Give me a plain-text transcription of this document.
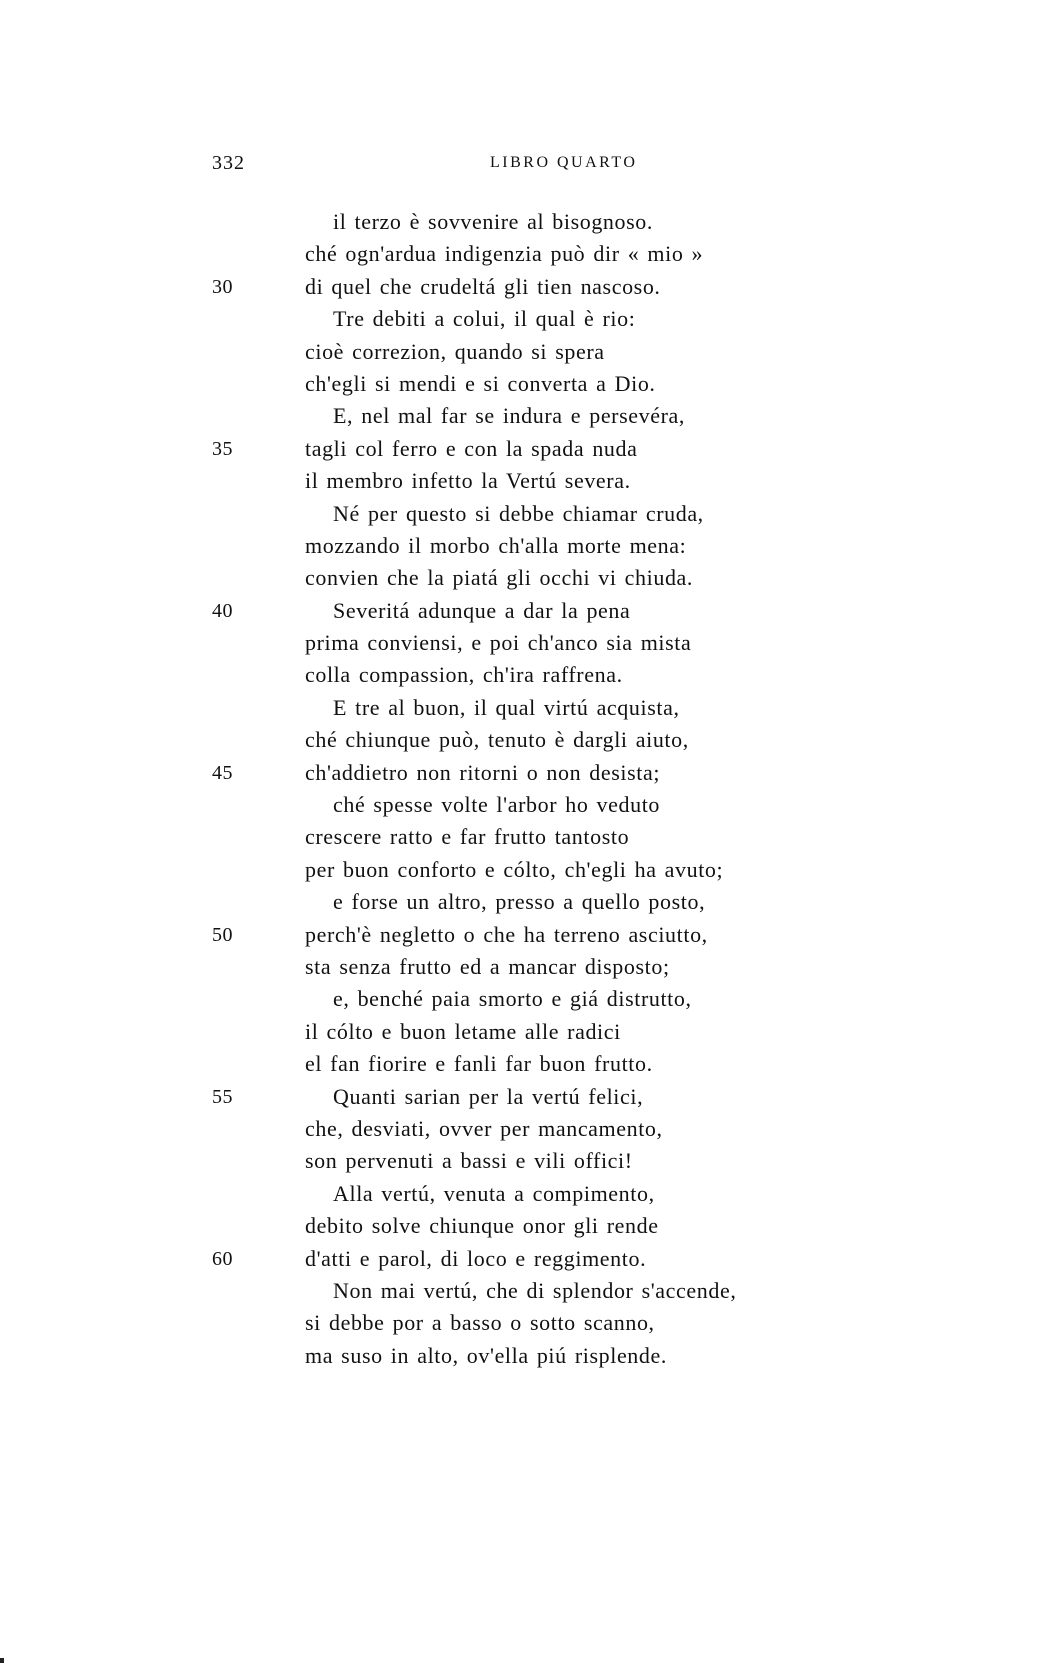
332	LIBRO QUARTO
il terzo è sovvenire al bisognoso.
ché ogn'ardua indigenzia può dir « mio »
30	di quel che crudeltá gli tien nascoso.
Tre debiti a colui, il qual è rio:
cioè correzion, quando si spera
ch'egli si mendi e si converta a Dio.
E, nel mal far se indura e persevéra,
35	tagli col ferro e con la spada nuda
il membro infetto la Vertú severa.
Né per questo si debbe chiamar cruda,
mozzando il morbo ch'alla morte mena:
convien che la piatá gli occhi vi chiuda.
40	Severitá adunque a dar la pena
prima conviensi, e poi ch'anco sia mista
colla compassion, ch'ira raffrena.
E tre al buon, il qual virtú acquista,
ché chiunque può, tenuto è dargli aiuto,
45	ch'addietro non ritorni o non desista;
ché spesse volte l'arbor ho veduto
crescere ratto e far frutto tantosto
per buon conforto e cólto, ch'egli ha avuto;
e forse un altro, presso a quello posto,
50	perch'è negletto o che ha terreno asciutto,
sta senza frutto ed a mancar disposto;
e, benché paia smorto e giá distrutto,
il cólto e buon letame alle radici
el fan fiorire e fanli far buon frutto.
55	Quanti sarian per la vertú felici,
che, desviati, ovver per mancamento,
son pervenuti a bassi e vili offici!
Alla vertú, venuta a compimento,
debito solve chiunque onor gli rende
60	d'atti e parol, di loco e reggimento.
Non mai vertú, che di splendor s'accende,
si debbe por a basso o sotto scanno,
ma suso in alto, ov'ella piú risplende.
